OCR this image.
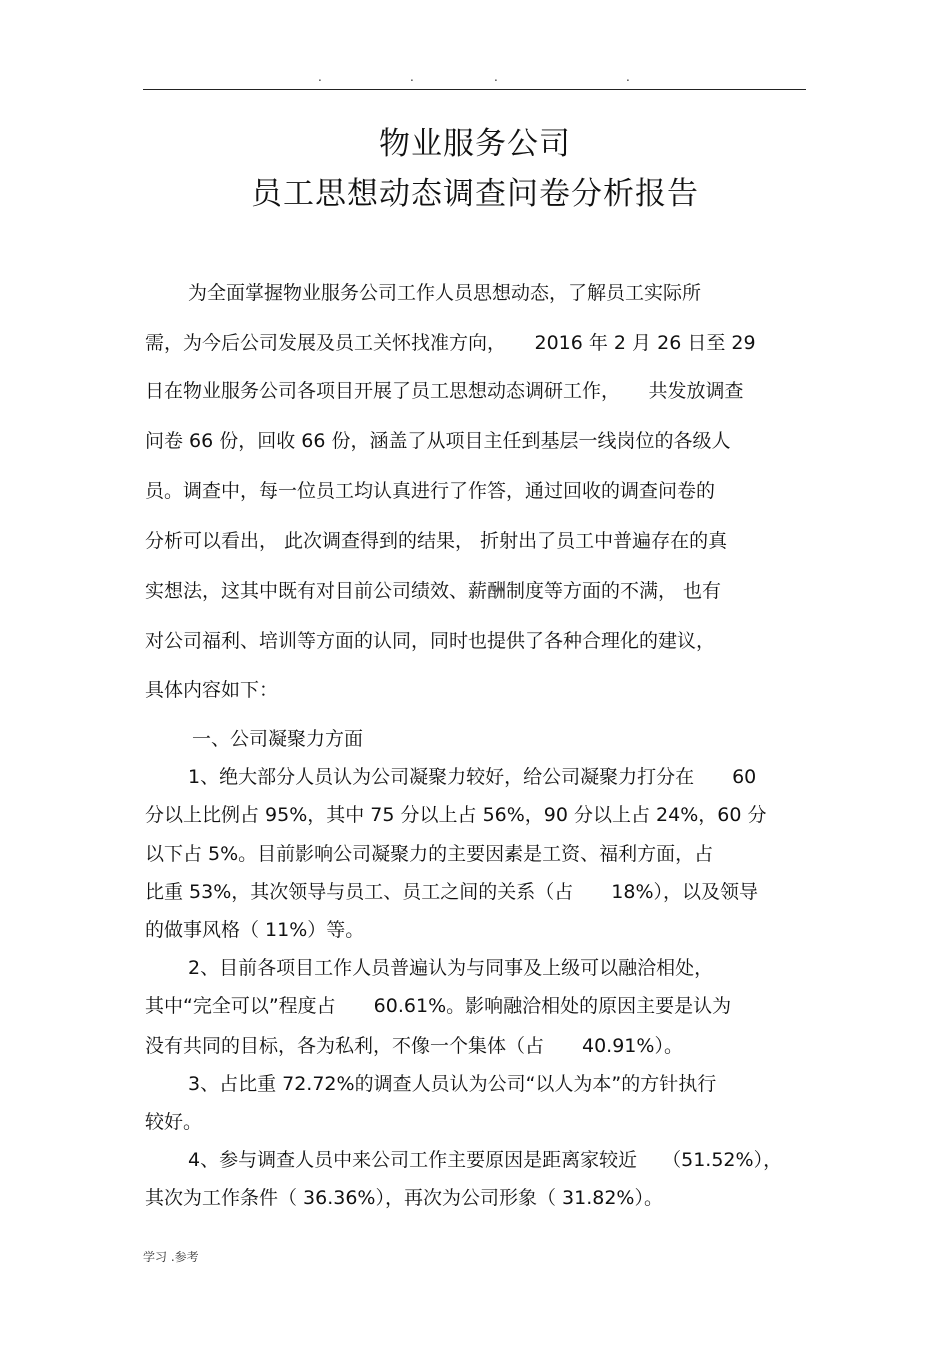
.	.	.	.
物业服务公司
员工思想动态调查问卷分析报告
为全面掌握物业服务公司工作人员思想动态，了解员工实际所
需，为今后公司发展及员工关怀找准方向，　　2016 年 2 月 26 日至 29
日在物业服务公司各项目开展了员工思想动态调研工作，　　共发放调查
问卷 66 份，回收 66 份，涵盖了从项目主任到基层一线岗位的各级人
员。调查中，每一位员工均认真进行了作答，通过回收的调查问卷的
分析可以看出， 此次调查得到的结果， 折射出了员工中普遍存在的真
实想法，这其中既有对目前公司绩效、薪酬制度等方面的不满， 也有
对公司福利、培训等方面的认同，同时也提供了各种合理化的建议，
具体内容如下：
一、公司凝聚力方面
1、绝大部分人员认为公司凝聚力较好，给公司凝聚力打分在　　60
分以上比例占 95%，其中 75 分以上占 56%，90 分以上占 24%，60 分
以下占 5%。目前影响公司凝聚力的主要因素是工资、福利方面，占
比重 53%，其次领导与员工、员工之间的关系（占　　18%），以及领导
的做事风格（ 11%）等。
2、目前各项目工作人员普遍认为与同事及上级可以融洽相处，
其中“完全可以”程度占　　60.61%。影响融洽相处的原因主要是认为
没有共同的目标，各为私利，不像一个集体（占　　40.91%）。
3、占比重 72.72%的调查人员认为公司“以人为本”的方针执行
较好。
4、参与调查人员中来公司工作主要原因是距离家较近　 （51.52%），
其次为工作条件（ 36.36%），再次为公司形象（ 31.82%）。
学习 .参考
